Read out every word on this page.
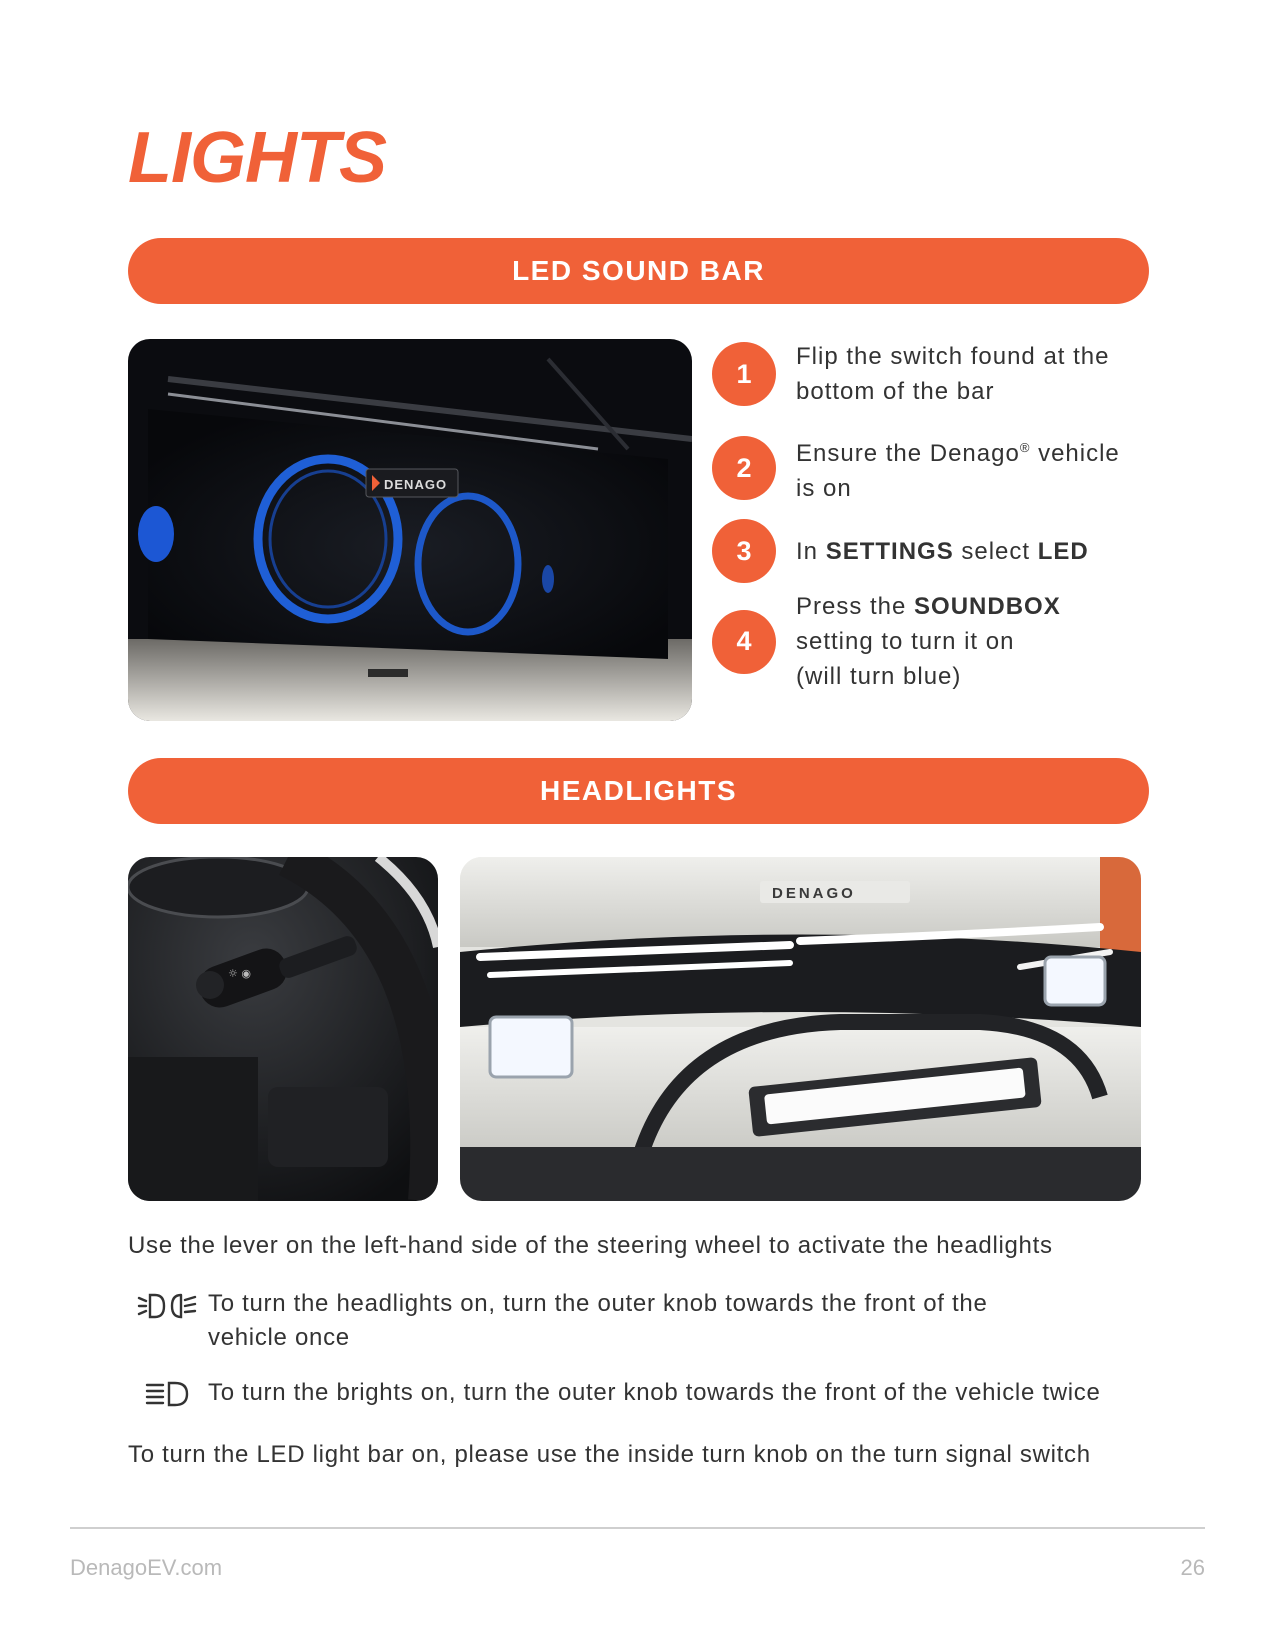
LIGHTS
LED SOUND BAR
DENAGO
1
Flip the switch found at the
bottom of the bar
2	Ensure the Denago® vehicle
is on
3	In SETTINGS select LED
4
Press the SOUNDBOX
setting to turn it on
(will turn blue)
HEADLIGHTS
☼ ◉
DENAGO
Use the lever on the left-hand side of the steering wheel to activate the headlights
To turn the headlights on, turn the outer knob towards the front of the
vehicle once
To turn the brights on, turn the outer knob towards the front of the vehicle twice
To turn the LED light bar on, please use the inside turn knob on the turn signal switch
DenagoEV.com	26
